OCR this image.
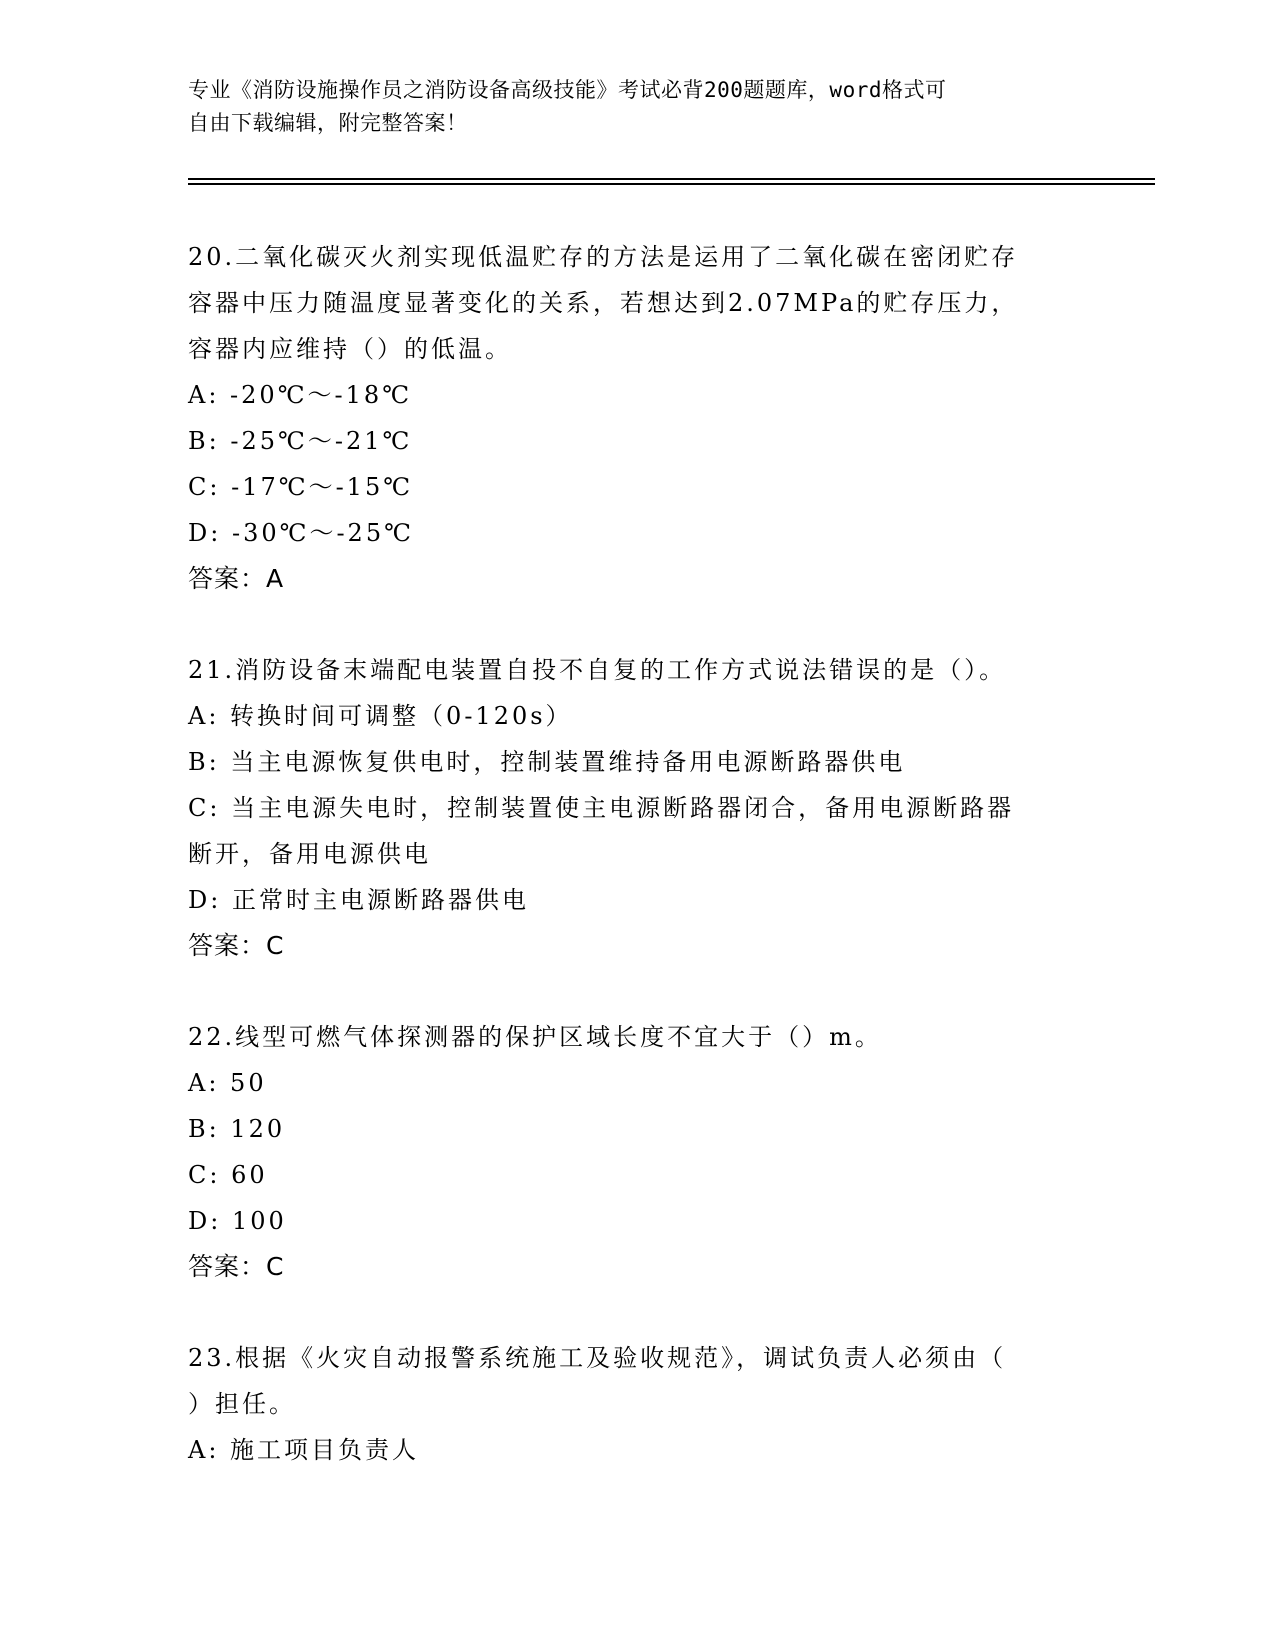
专业《消防设施操作员之消防设备高级技能》考试必背200题题库，word格式可
自由下载编辑，附完整答案！
20.二氧化碳灭火剂实现低温贮存的方法是运用了二氧化碳在密闭贮存
容器中压力随温度显著变化的关系，若想达到2.07MPa的贮存压力，
容器内应维持（）的低温。
A: -20℃～-18℃
B: -25℃～-21℃
C: -17℃～-15℃
D: -30℃～-25℃
答案：A
21.消防设备末端配电装置自投不自复的工作方式说法错误的是（）。
A: 转换时间可调整（0-120s）
B: 当主电源恢复供电时，控制装置维持备用电源断路器供电
C: 当主电源失电时，控制装置使主电源断路器闭合，备用电源断路器
断开，备用电源供电
D: 正常时主电源断路器供电
答案：C
22.线型可燃气体探测器的保护区域长度不宜大于（）m。
A: 50
B: 120
C: 60
D: 100
答案：C
23.根据《火灾自动报警系统施工及验收规范》，调试负责人必须由（
）担任。
A: 施工项目负责人
